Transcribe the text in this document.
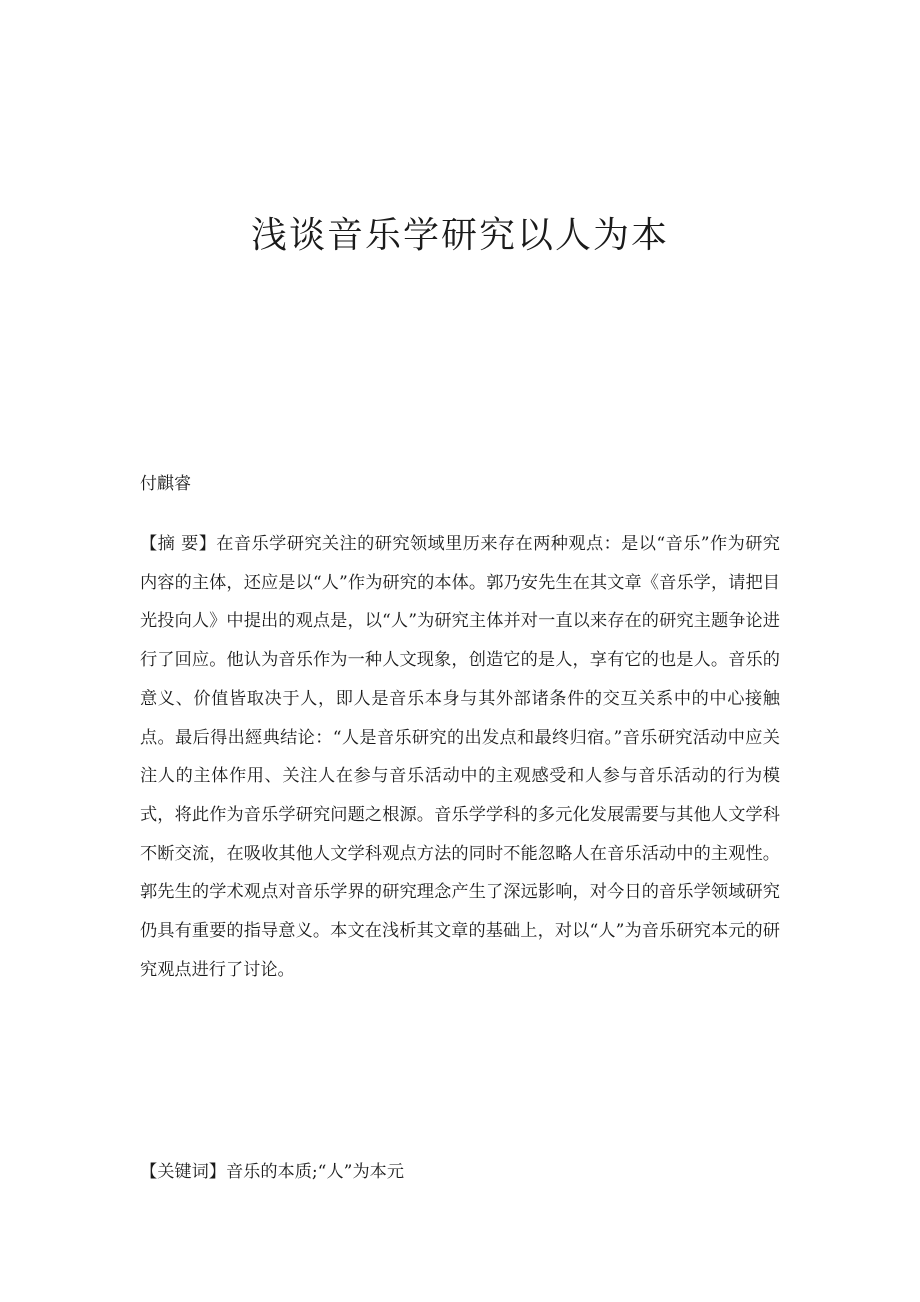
浅谈音乐学研究以人为本
付麒睿

【摘 要】在音乐学研究关注的研究领域里历来存在两种观点：是以“音乐”作为研究内容的主体，还应是以“人”作为研究的本体。郭乃安先生在其文章《音乐学，请把目光投向人》中提出的观点是，以“人”为研究主体并对一直以来存在的研究主题争论进行了回应。他认为音乐作为一种人文现象，创造它的是人，享有它的也是人。音乐的意义、价值皆取决于人，即人是音乐本身与其外部诸条件的交互关系中的中心接触点。最后得出經典结论：“人是音乐研究的出发点和最终归宿。”音乐研究活动中应关注人的主体作用、关注人在参与音乐活动中的主观感受和人参与音乐活动的行为模式，将此作为音乐学研究问题之根源。音乐学学科的多元化发展需要与其他人文学科不断交流，在吸收其他人文学科观点方法的同时不能忽略人在音乐活动中的主观性。郭先生的学术观点对音乐学界的研究理念产生了深远影响，对今日的音乐学领域研究仍具有重要的指导意义。本文在浅析其文章的基础上，对以“人”为音乐研究本元的研究观点进行了讨论。

【关键词】音乐的本质;“人”为本元
